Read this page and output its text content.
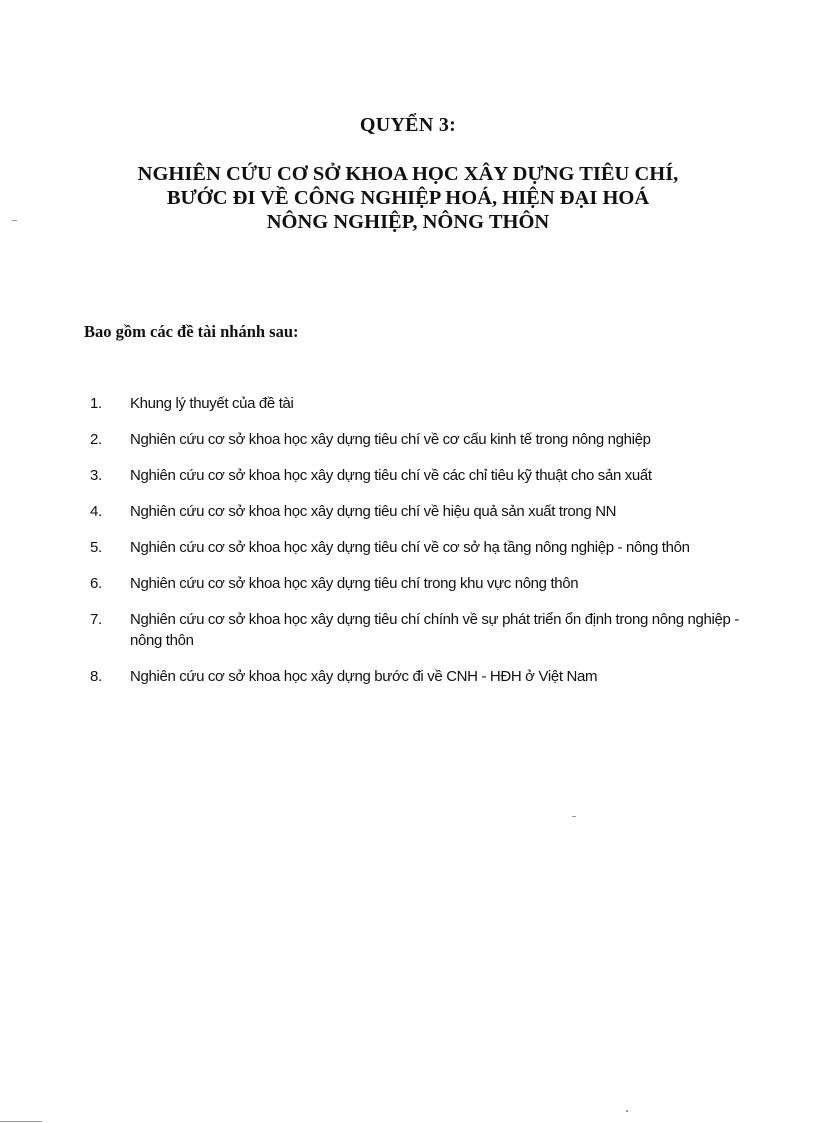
QUYỂN 3:
NGHIÊN CỨU CƠ SỞ KHOA HỌC XÂY DỰNG TIÊU CHÍ,
BƯỚC ĐI VỀ CÔNG NGHIỆP HOÁ, HIỆN ĐẠI HOÁ
NÔNG NGHIỆP, NÔNG THÔN
Bao gồm các đề tài nhánh sau:
1.	Khung lý thuyết của đề tài
2.	Nghiên cứu cơ sở khoa học xây dựng tiêu chí về cơ cấu kinh tế trong nông nghiệp
3.	Nghiên cứu cơ sở khoa học xây dựng tiêu chí về các chỉ tiêu kỹ thuật cho sản xuất
4.	Nghiên cứu cơ sở khoa học xây dựng tiêu chí về hiệu quả sản xuất trong NN
5.	Nghiên cứu cơ sở khoa học xây dựng tiêu chí về cơ sở hạ tầng nông nghiệp - nông thôn
6.	Nghiên cứu cơ sở khoa học xây dựng tiêu chí trong khu vực nông thôn
7.	Nghiên cứu cơ sở khoa học xây dựng tiêu chí chính về sự phát triển ổn định trong nông nghiệp - nông thôn
8.	Nghiên cứu cơ sở khoa học xây dựng bước đi về CNH - HĐH ở Việt Nam
